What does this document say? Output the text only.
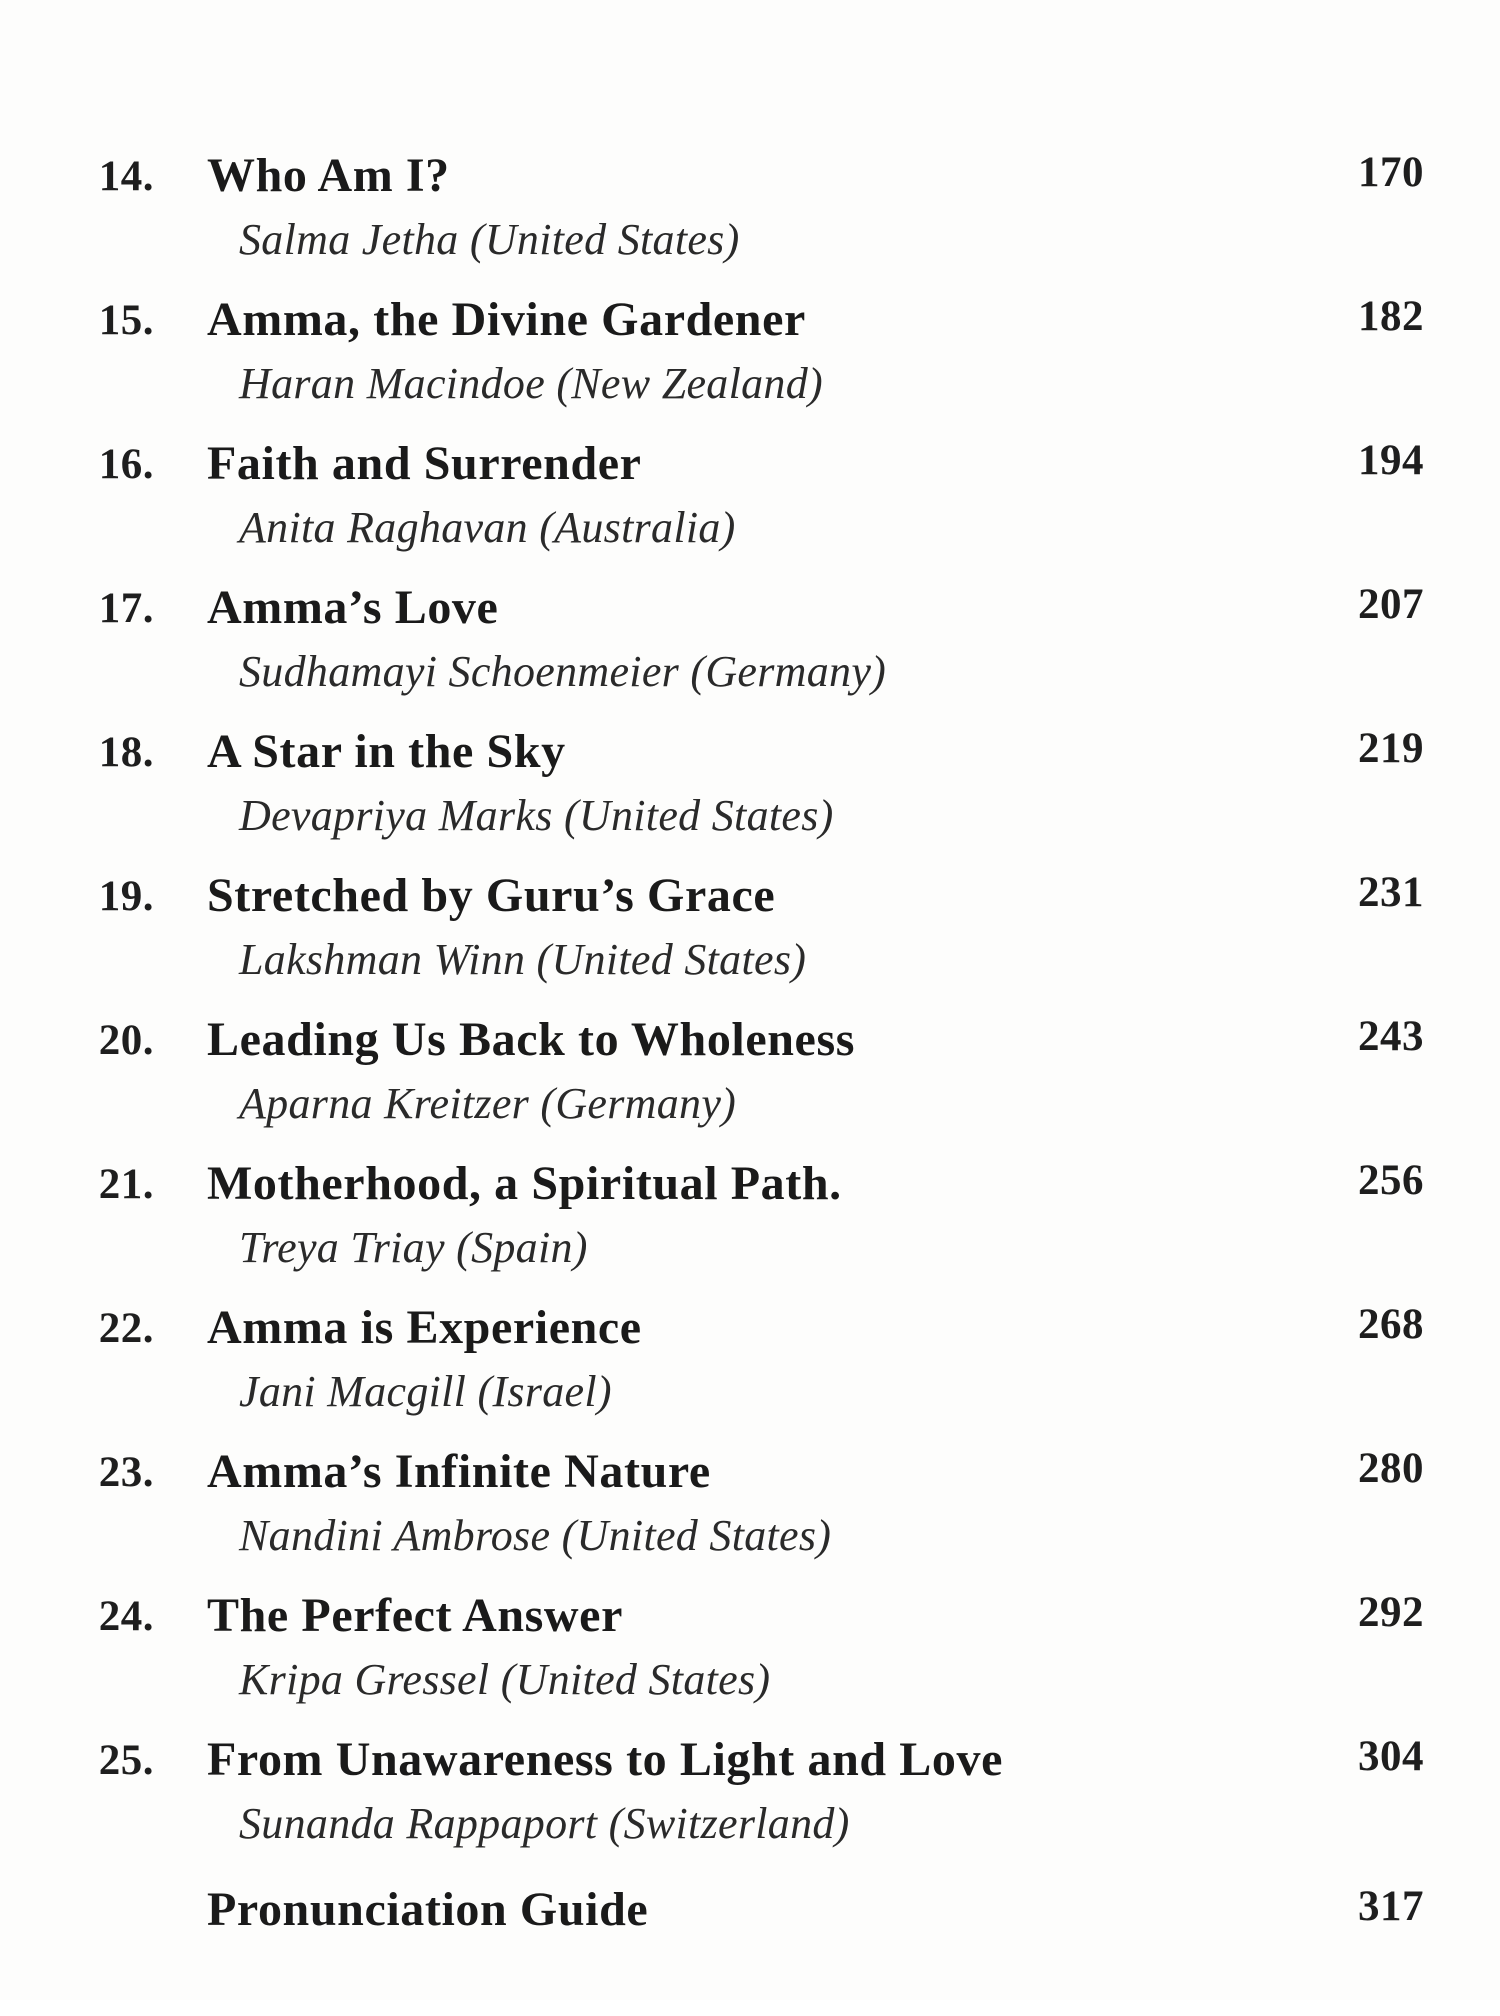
14. Who Am I?
Salma Jetha (United States)
170
15. Amma, the Divine Gardener
Haran Macindoe (New Zealand)
182
16. Faith and Surrender
Anita Raghavan (Australia)
194
17. Amma’s Love
Sudhamayi Schoenmeier (Germany)
207
18. A Star in the Sky
Devapriya Marks (United States)
219
19. Stretched by Guru’s Grace
Lakshman Winn (United States)
231
20. Leading Us Back to Wholeness
Aparna Kreitzer (Germany)
243
21. Motherhood, a Spiritual Path.
Treya Triay (Spain)
256
22. Amma is Experience
Jani Macgill (Israel)
268
23. Amma’s Infinite Nature
Nandini Ambrose (United States)
280
24. The Perfect Answer
Kripa Gressel (United States)
292
25. From Unawareness to Light and Love
Sunanda Rappaport (Switzerland)
304
Pronunciation Guide	317
